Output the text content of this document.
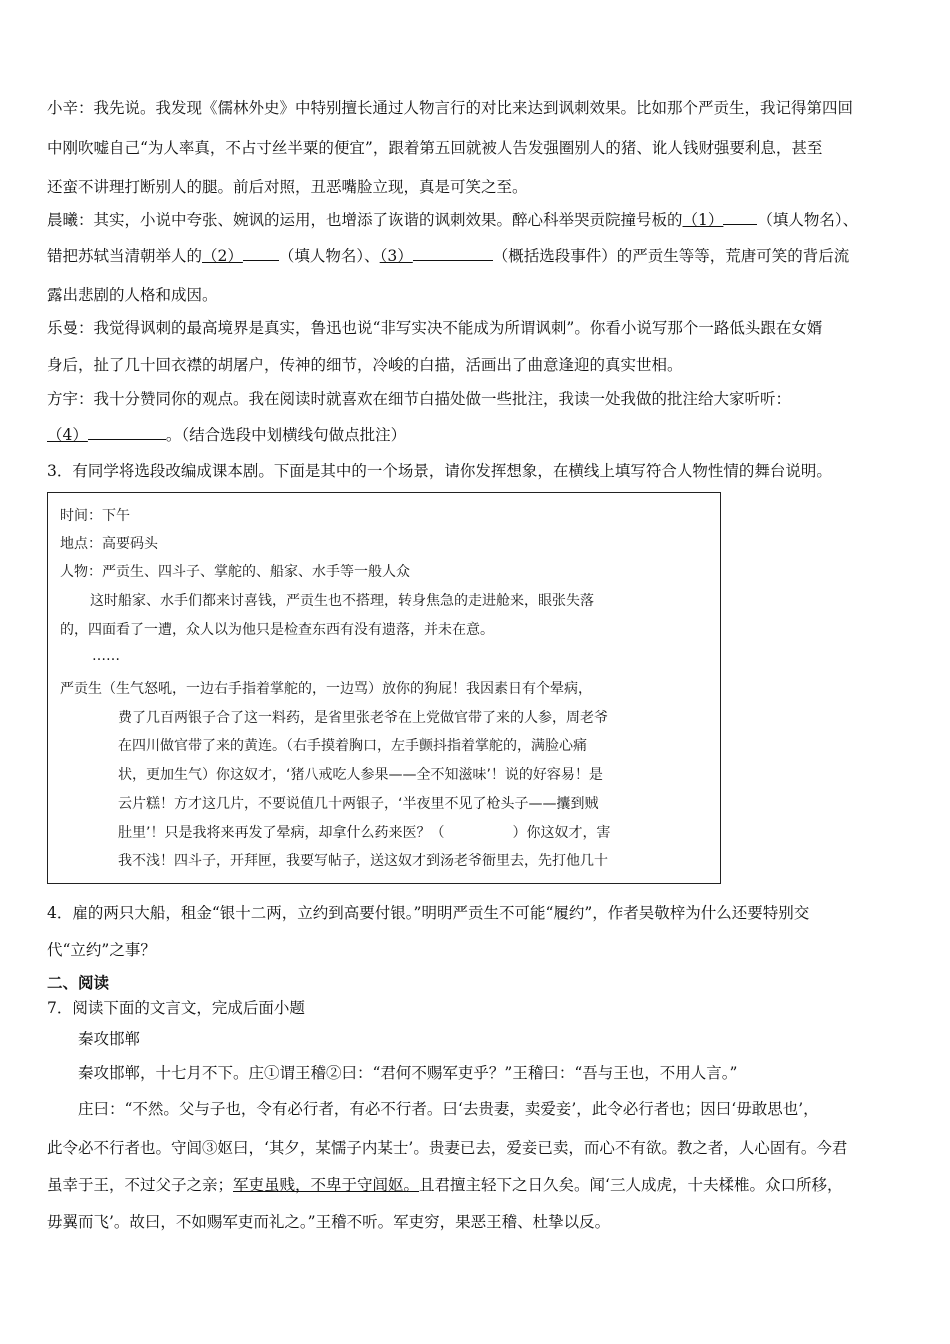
小辛：我先说。我发现《儒林外史》中特别擅长通过人物言行的对比来达到讽刺效果。比如那个严贡生，我记得第四回
中刚吹嘘自己“为人率真，不占寸丝半粟的便宜”，跟着第五回就被人告发强圈别人的猪、讹人钱财强要利息，甚至
还蛮不讲理打断别人的腿。前后对照，丑恶嘴脸立现，真是可笑之至。
晨曦：其实，小说中夸张、婉讽的运用，也增添了诙谐的讽刺效果。醉心科举哭贡院撞号板的（1） （填人物名）、
错把苏轼当清朝举人的（2） （填人物名）、（3）	（概括选段事件）的严贡生等等，荒唐可笑的背后流
露出悲剧的人格和成因。
乐曼：我觉得讽刺的最高境界是真实，鲁迅也说“非写实决不能成为所谓讽刺”。你看小说写那个一路低头跟在女婿
身后，扯了几十回衣襟的胡屠户，传神的细节，冷峻的白描，活画出了曲意逢迎的真实世相。
方宇：我十分赞同你的观点。我在阅读时就喜欢在细节白描处做一些批注，我读一处我做的批注给大家听听：
（4）	。（结合选段中划横线句做点批注）
3．有同学将选段改编成课本剧。下面是其中的一个场景，请你发挥想象，在横线上填写符合人物性情的舞台说明。
时间：下午
地点：高要码头
人物：严贡生、四斗子、掌舵的、船家、水手等一般人众
这时船家、水手们都来讨喜钱，严贡生也不搭理，转身焦急的走进舱来，眼张失落
的，四面看了一遭，众人以为他只是检查东西有没有遗落，并未在意。
……
严贡生（生气怒吼，一边右手指着掌舵的，一边骂）放你的狗屁！我因素日有个晕病，
费了几百两银子合了这一料药，是省里张老爷在上党做官带了来的人参，周老爷
在四川做官带了来的黄连。（右手摸着胸口，左手颤抖指着掌舵的，满脸心痛
状，更加生气）你这奴才，‘猪八戒吃人参果——全不知滋味’！说的好容易！是
云片糕！方才这几片，不要说值几十两银子，‘半夜里不见了枪头子——攮到贼
肚里’！只是我将来再发了晕病，却拿什么药来医？（	）你这奴才，害
我不浅！四斗子，开拜匣，我要写帖子，送这奴才到汤老爷衙里去，先打他几十
4．雇的两只大船，租金“银十二两，立约到高要付银。”明明严贡生不可能“履约”，作者吴敬梓为什么还要特别交
代“立约”之事？
二、阅读
7．阅读下面的文言文，完成后面小题
秦攻邯郸
秦攻邯郸，十七月不下。庄①谓王稽②曰：“君何不赐军吏乎？”王稽曰：“吾与王也，不用人言。”
庄曰：“不然。父与子也，令有必行者，有必不行者。曰‘去贵妻，卖爱妾’，此令必行者也；因曰‘毋敢思也’，
此令必不行者也。守闾③妪曰，‘其夕，某懦子内某士’。贵妻已去，爱妾已卖，而心不有欲。教之者，人心固有。今君
虽幸于王，不过父子之亲；军吏虽贱，不卑于守闾妪。且君擅主轻下之日久矣。闻‘三人成虎，十夫楺椎。众口所移，
毋翼而飞’。故曰，不如赐军吏而礼之。”王稽不听。军吏穷，果恶王稽、杜挚以反。
